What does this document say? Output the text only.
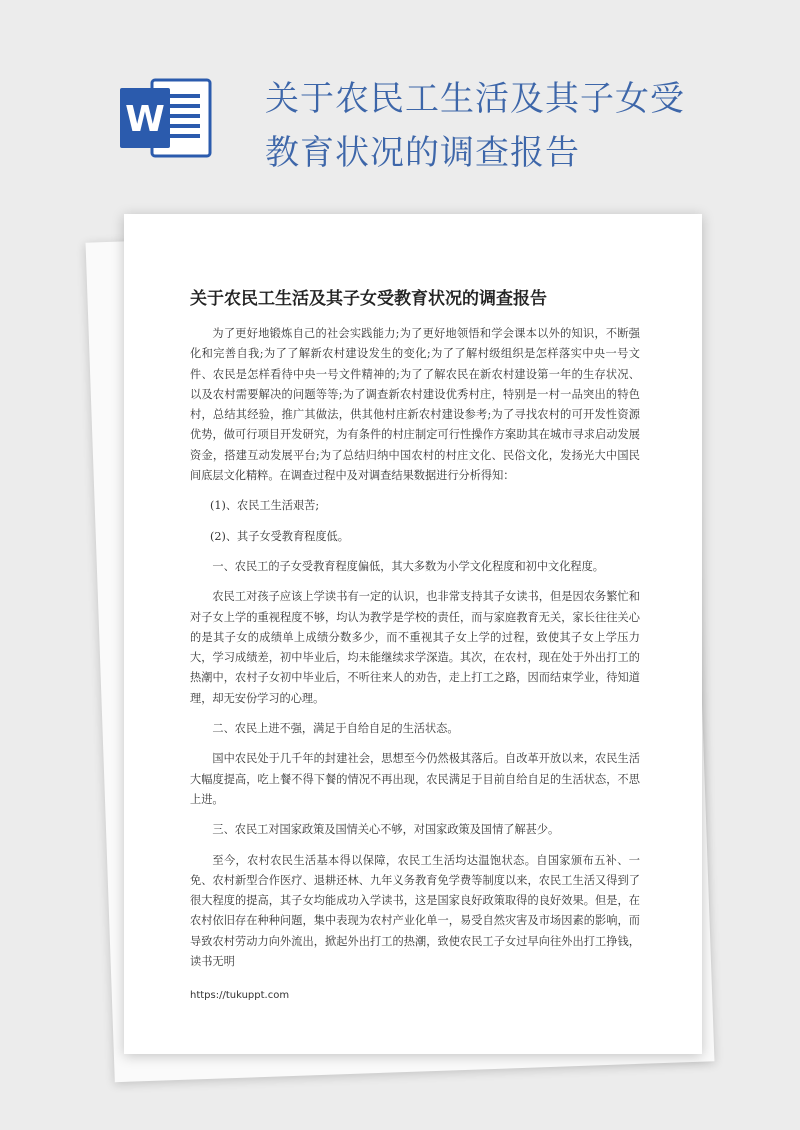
W	关于农民工生活及其子女受教育状况的调查报告
关于农民工生活及其子女受教育状况的调查报告

为了更好地锻炼自己的社会实践能力;为了更好地领悟和学会课本以外的知识，不断强化和完善自我;为了了解新农村建设发生的变化;为了了解村级组织是怎样落实中央一号文件、农民是怎样看待中央一号文件精神的;为了了解农民在新农村建设第一年的生存状况、以及农村需要解决的问题等等;为了调查新农村建设优秀村庄，特别是一村一品突出的特色村，总结其经验，推广其做法，供其他村庄新农村建设参考;为了寻找农村的可开发性资源优势，做可行项目开发研究，为有条件的村庄制定可行性操作方案助其在城市寻求启动发展资金，搭建互动发展平台;为了总结归纳中国农村的村庄文化、民俗文化，发扬光大中国民间底层文化精粹。在调查过程中及对调查结果数据进行分析得知：

(1)、农民工生活艰苦;

(2)、其子女受教育程度低。

一、农民工的子女受教育程度偏低，其大多数为小学文化程度和初中文化程度。

农民工对孩子应该上学读书有一定的认识，也非常支持其子女读书，但是因农务繁忙和对子女上学的重视程度不够，均认为教学是学校的责任，而与家庭教育无关，家长往往关心的是其子女的成绩单上成绩分数多少，而不重视其子女上学的过程，致使其子女上学压力大，学习成绩差，初中毕业后，均未能继续求学深造。其次，在农村，现在处于外出打工的热潮中，农村子女初中毕业后，不听往来人的劝告，走上打工之路，因而结束学业，待知道理，却无安份学习的心理。

二、农民上进不强，满足于自给自足的生活状态。

国中农民处于几千年的封建社会，思想至今仍然极其落后。自改革开放以来，农民生活大幅度提高，吃上餐不得下餐的情况不再出现，农民满足于目前自给自足的生活状态，不思上进。

三、农民工对国家政策及国情关心不够，对国家政策及国情了解甚少。

至今，农村农民生活基本得以保障，农民工生活均达温饱状态。自国家颁布五补、一免、农村新型合作医疗、退耕还林、九年义务教育免学费等制度以来，农民工生活又得到了很大程度的提高，其子女均能成功入学读书，这是国家良好政策取得的良好效果。但是，在农村依旧存在种种问题，集中表现为农村产业化单一，易受自然灾害及市场因素的影响，而导致农村劳动力向外流出，掀起外出打工的热潮，致使农民工子女过早向往外出打工挣钱，读书无明

https://tukuppt.com
